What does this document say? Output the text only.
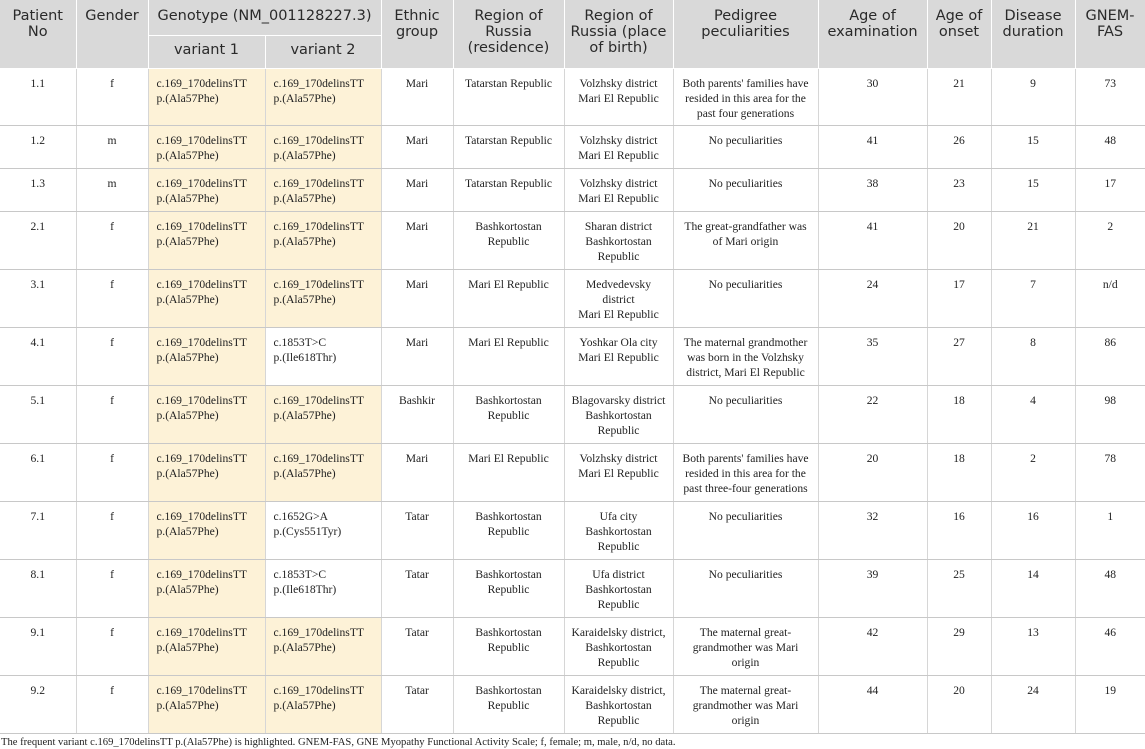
Patient No	Gender	Genotype (NM_001128227.3)		Ethnic group	Region of Russia (residence)	Region of Russia (place of birth)	Pedigree peculiarities	Age of examination	Age of onset	Disease duration	GNEM-FAS
		variant 1	variant 2								
1.1	f	c.169_170delinsTT
p.(Ala57Phe)	c.169_170delinsTT
p.(Ala57Phe)	Mari	Tatarstan Republic	Volzhsky district
Mari El Republic	Both parents' families have resided in this area for the past four generations	30	21	9	73
1.2	m	c.169_170delinsTT
p.(Ala57Phe)	c.169_170delinsTT
p.(Ala57Phe)	Mari	Tatarstan Republic	Volzhsky district
Mari El Republic	No peculiarities	41	26	15	48
1.3	m	c.169_170delinsTT
p.(Ala57Phe)	c.169_170delinsTT
p.(Ala57Phe)	Mari	Tatarstan Republic	Volzhsky district
Mari El Republic	No peculiarities	38	23	15	17
2.1	f	c.169_170delinsTT
p.(Ala57Phe)	c.169_170delinsTT
p.(Ala57Phe)	Mari	Bashkortostan
Republic	Sharan district
Bashkortostan
Republic	The great-grandfather was of Mari origin	41	20	21	2
3.1	f	c.169_170delinsTT
p.(Ala57Phe)	c.169_170delinsTT
p.(Ala57Phe)	Mari	Mari El Republic	Medvedevsky
district
Mari El Republic	No peculiarities	24	17	7	n/d
4.1	f	c.169_170delinsTT
p.(Ala57Phe)	c.1853T>C
p.(Ile618Thr)	Mari	Mari El Republic	Yoshkar Ola city
Mari El Republic	The maternal grandmother was born in the Volzhsky district, Mari El Republic	35	27	8	86
5.1	f	c.169_170delinsTT
p.(Ala57Phe)	c.169_170delinsTT
p.(Ala57Phe)	Bashkir	Bashkortostan
Republic	Blagovarsky district
Bashkortostan
Republic	No peculiarities	22	18	4	98
6.1	f	c.169_170delinsTT
p.(Ala57Phe)	c.169_170delinsTT
p.(Ala57Phe)	Mari	Mari El Republic	Volzhsky district
Mari El Republic	Both parents' families have resided in this area for the past three-four generations	20	18	2	78
7.1	f	c.169_170delinsTT
p.(Ala57Phe)	c.1652G>A
p.(Cys551Tyr)	Tatar	Bashkortostan
Republic	Ufa city
Bashkortostan
Republic	No peculiarities	32	16	16	1
8.1	f	c.169_170delinsTT
p.(Ala57Phe)	c.1853T>C
p.(Ile618Thr)	Tatar	Bashkortostan
Republic	Ufa district
Bashkortostan
Republic	No peculiarities	39	25	14	48
9.1	f	c.169_170delinsTT
p.(Ala57Phe)	c.169_170delinsTT
p.(Ala57Phe)	Tatar	Bashkortostan
Republic	Karaidelsky district,
Bashkortostan
Republic	The maternal great-grandmother was Mari origin	42	29	13	46
9.2	f	c.169_170delinsTT
p.(Ala57Phe)	c.169_170delinsTT
p.(Ala57Phe)	Tatar	Bashkortostan
Republic	Karaidelsky district,
Bashkortostan
Republic	The maternal great-grandmother was Mari origin	44	20	24	19
The frequent variant c.169_170delinsTT p.(Ala57Phe) is highlighted. GNEM-FAS, GNE Myopathy Functional Activity Scale; f, female; m, male, n/d, no data.
